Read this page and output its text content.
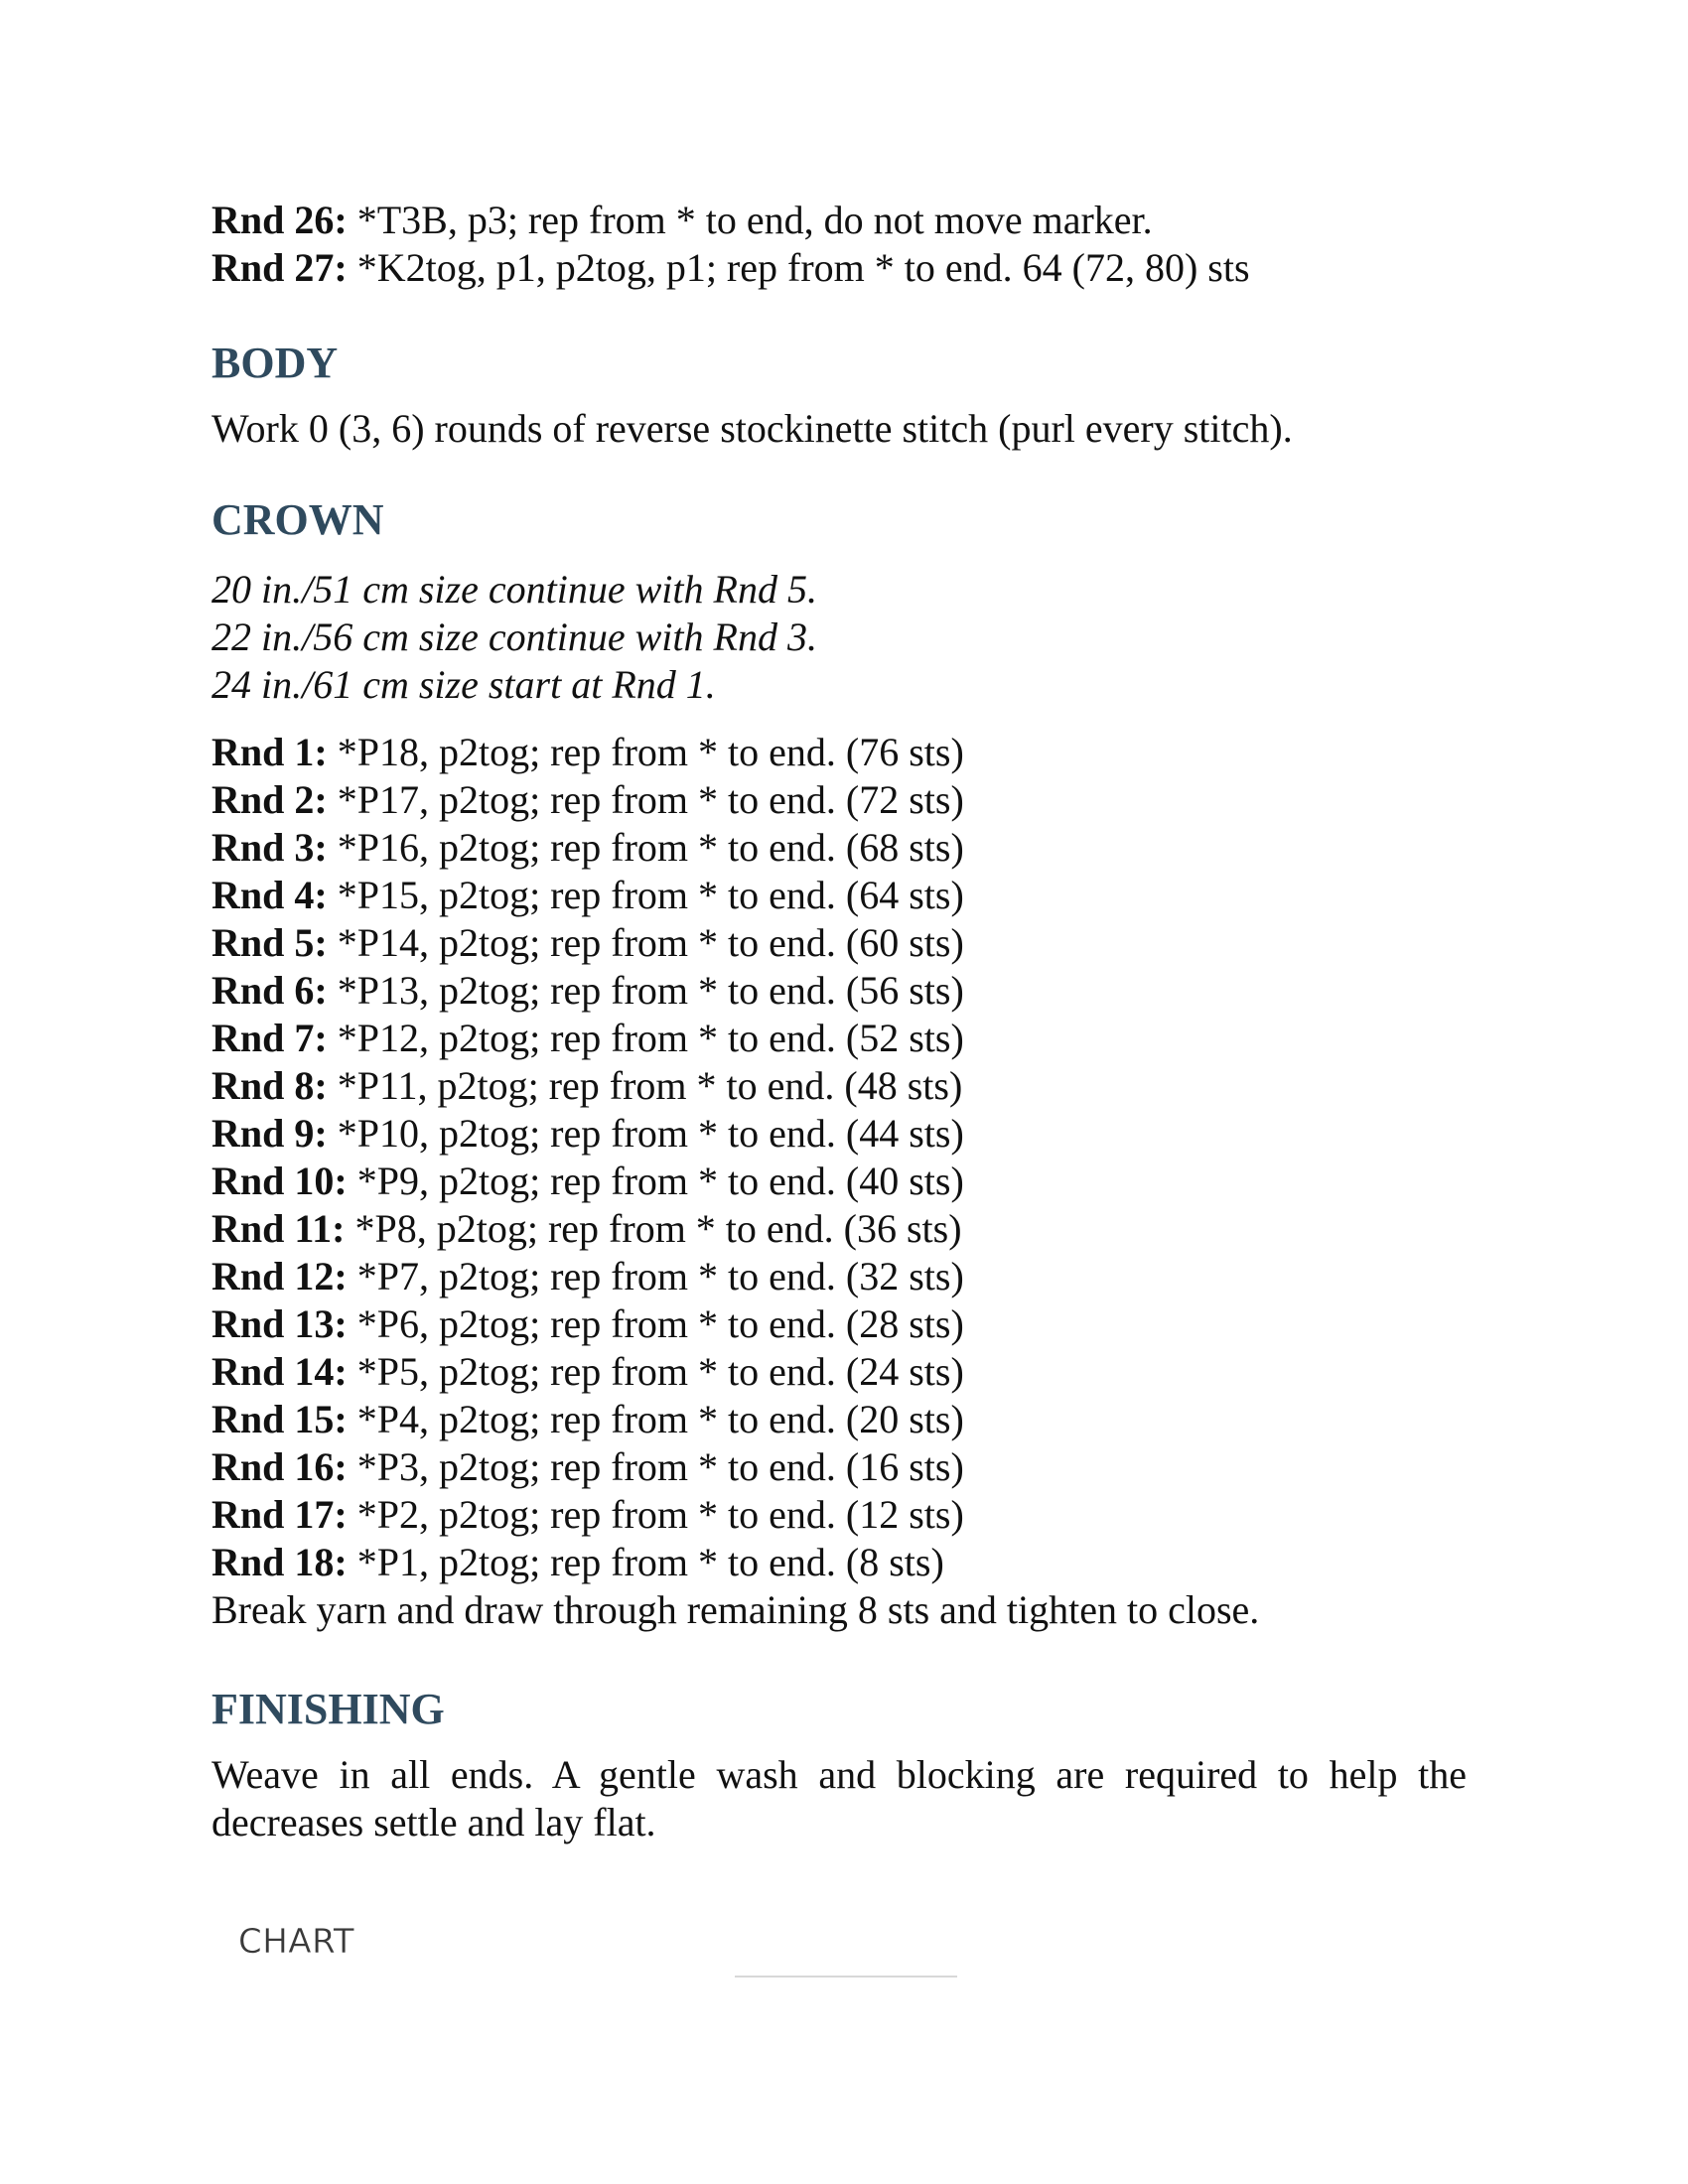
Rnd 26: *T3B, p3; rep from * to end, do not move marker.
Rnd 27: *K2tog, p1, p2tog, p1; rep from * to end. 64 (72, 80) sts
BODY
Work 0 (3, 6) rounds of reverse stockinette stitch (purl every stitch).
CROWN
20 in./51 cm size continue with Rnd 5.
22 in./56 cm size continue with Rnd 3.
24 in./61 cm size start at Rnd 1.
Rnd 1: *P18, p2tog; rep from * to end. (76 sts)
Rnd 2: *P17, p2tog; rep from * to end. (72 sts)
Rnd 3: *P16, p2tog; rep from * to end. (68 sts)
Rnd 4: *P15, p2tog; rep from * to end. (64 sts)
Rnd 5: *P14, p2tog; rep from * to end. (60 sts)
Rnd 6: *P13, p2tog; rep from * to end. (56 sts)
Rnd 7: *P12, p2tog; rep from * to end. (52 sts)
Rnd 8: *P11, p2tog; rep from * to end. (48 sts)
Rnd 9: *P10, p2tog; rep from * to end. (44 sts)
Rnd 10: *P9, p2tog; rep from * to end. (40 sts)
Rnd 11: *P8, p2tog; rep from * to end. (36 sts)
Rnd 12: *P7, p2tog; rep from * to end. (32 sts)
Rnd 13: *P6, p2tog; rep from * to end. (28 sts)
Rnd 14: *P5, p2tog; rep from * to end. (24 sts)
Rnd 15: *P4, p2tog; rep from * to end. (20 sts)
Rnd 16: *P3, p2tog; rep from * to end. (16 sts)
Rnd 17: *P2, p2tog; rep from * to end. (12 sts)
Rnd 18: *P1, p2tog; rep from * to end. (8 sts)
Break yarn and draw through remaining 8 sts and tighten to close.
FINISHING
Weave in all ends. A gentle wash and blocking are required to help the decreases settle and lay flat.
CHART
